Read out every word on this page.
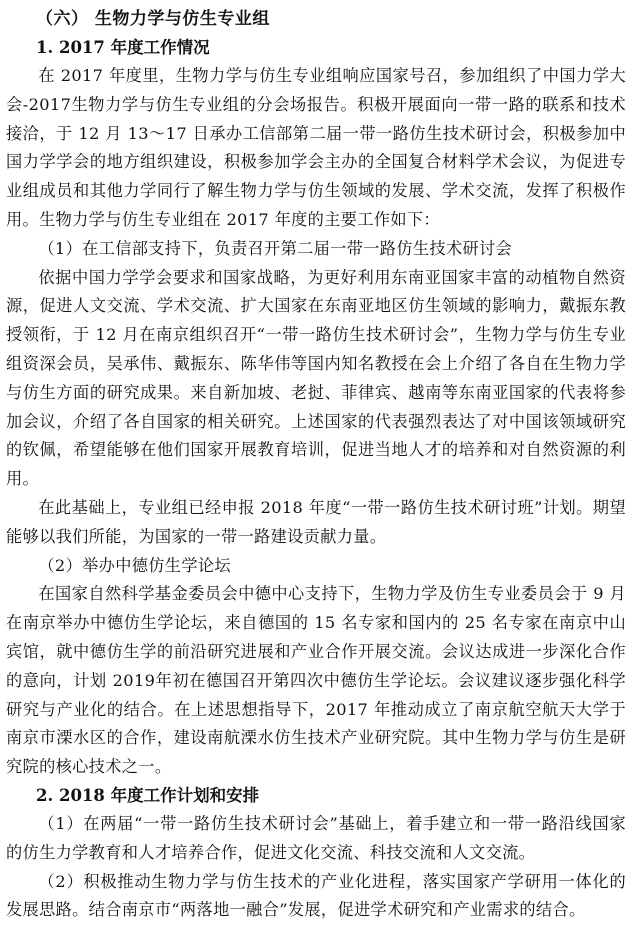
（六） 生物力学与仿生专业组
1. 2017 年度工作情况

在 2017 年度里，生物力学与仿生专业组响应国家号召，参加组织了中国力学大会-2017生物力学与仿生专业组的分会场报告。积极开展面向一带一路的联系和技术接洽，于 12 月 13～17 日承办工信部第二届一带一路仿生技术研讨会，积极参加中国力学学会的地方组织建设，积极参加学会主办的全国复合材料学术会议，为促进专业组成员和其他力学同行了解生物力学与仿生领域的发展、学术交流，发挥了积极作用。生物力学与仿生专业组在 2017 年度的主要工作如下：

（1）在工信部支持下，负责召开第二届一带一路仿生技术研讨会

依据中国力学学会要求和国家战略，为更好利用东南亚国家丰富的动植物自然资源，促进人文交流、学术交流、扩大国家在东南亚地区仿生领域的影响力，戴振东教授领衔，于 12 月在南京组织召开“一带一路仿生技术研讨会”，生物力学与仿生专业组资深会员，吴承伟、戴振东、陈华伟等国内知名教授在会上介绍了各自在生物力学与仿生方面的研究成果。来自新加坡、老挝、菲律宾、越南等东南亚国家的代表将参加会议，介绍了各自国家的相关研究。上述国家的代表强烈表达了对中国该领域研究的钦佩，希望能够在他们国家开展教育培训，促进当地人才的培养和对自然资源的利用。

在此基础上，专业组已经申报 2018 年度“一带一路仿生技术研讨班”计划。期望能够以我们所能，为国家的一带一路建设贡献力量。

（2）举办中德仿生学论坛

在国家自然科学基金委员会中德中心支持下，生物力学及仿生专业委员会于 9 月在南京举办中德仿生学论坛，来自德国的 15 名专家和国内的 25 名专家在南京中山宾馆，就中德仿生学的前沿研究进展和产业合作开展交流。会议达成进一步深化合作的意向，计划 2019年初在德国召开第四次中德仿生学论坛。会议建议逐步强化科学研究与产业化的结合。在上述思想指导下，2017 年推动成立了南京航空航天大学于南京市溧水区的合作，建设南航溧水仿生技术产业研究院。其中生物力学与仿生是研究院的核心技术之一。

2. 2018 年度工作计划和安排

（1）在两届“一带一路仿生技术研讨会”基础上，着手建立和一带一路沿线国家的仿生力学教育和人才培养合作，促进文化交流、科技交流和人文交流。

（2）积极推动生物力学与仿生技术的产业化进程，落实国家产学研用一体化的发展思路。结合南京市“两落地一融合”发展，促进学术研究和产业需求的结合。
